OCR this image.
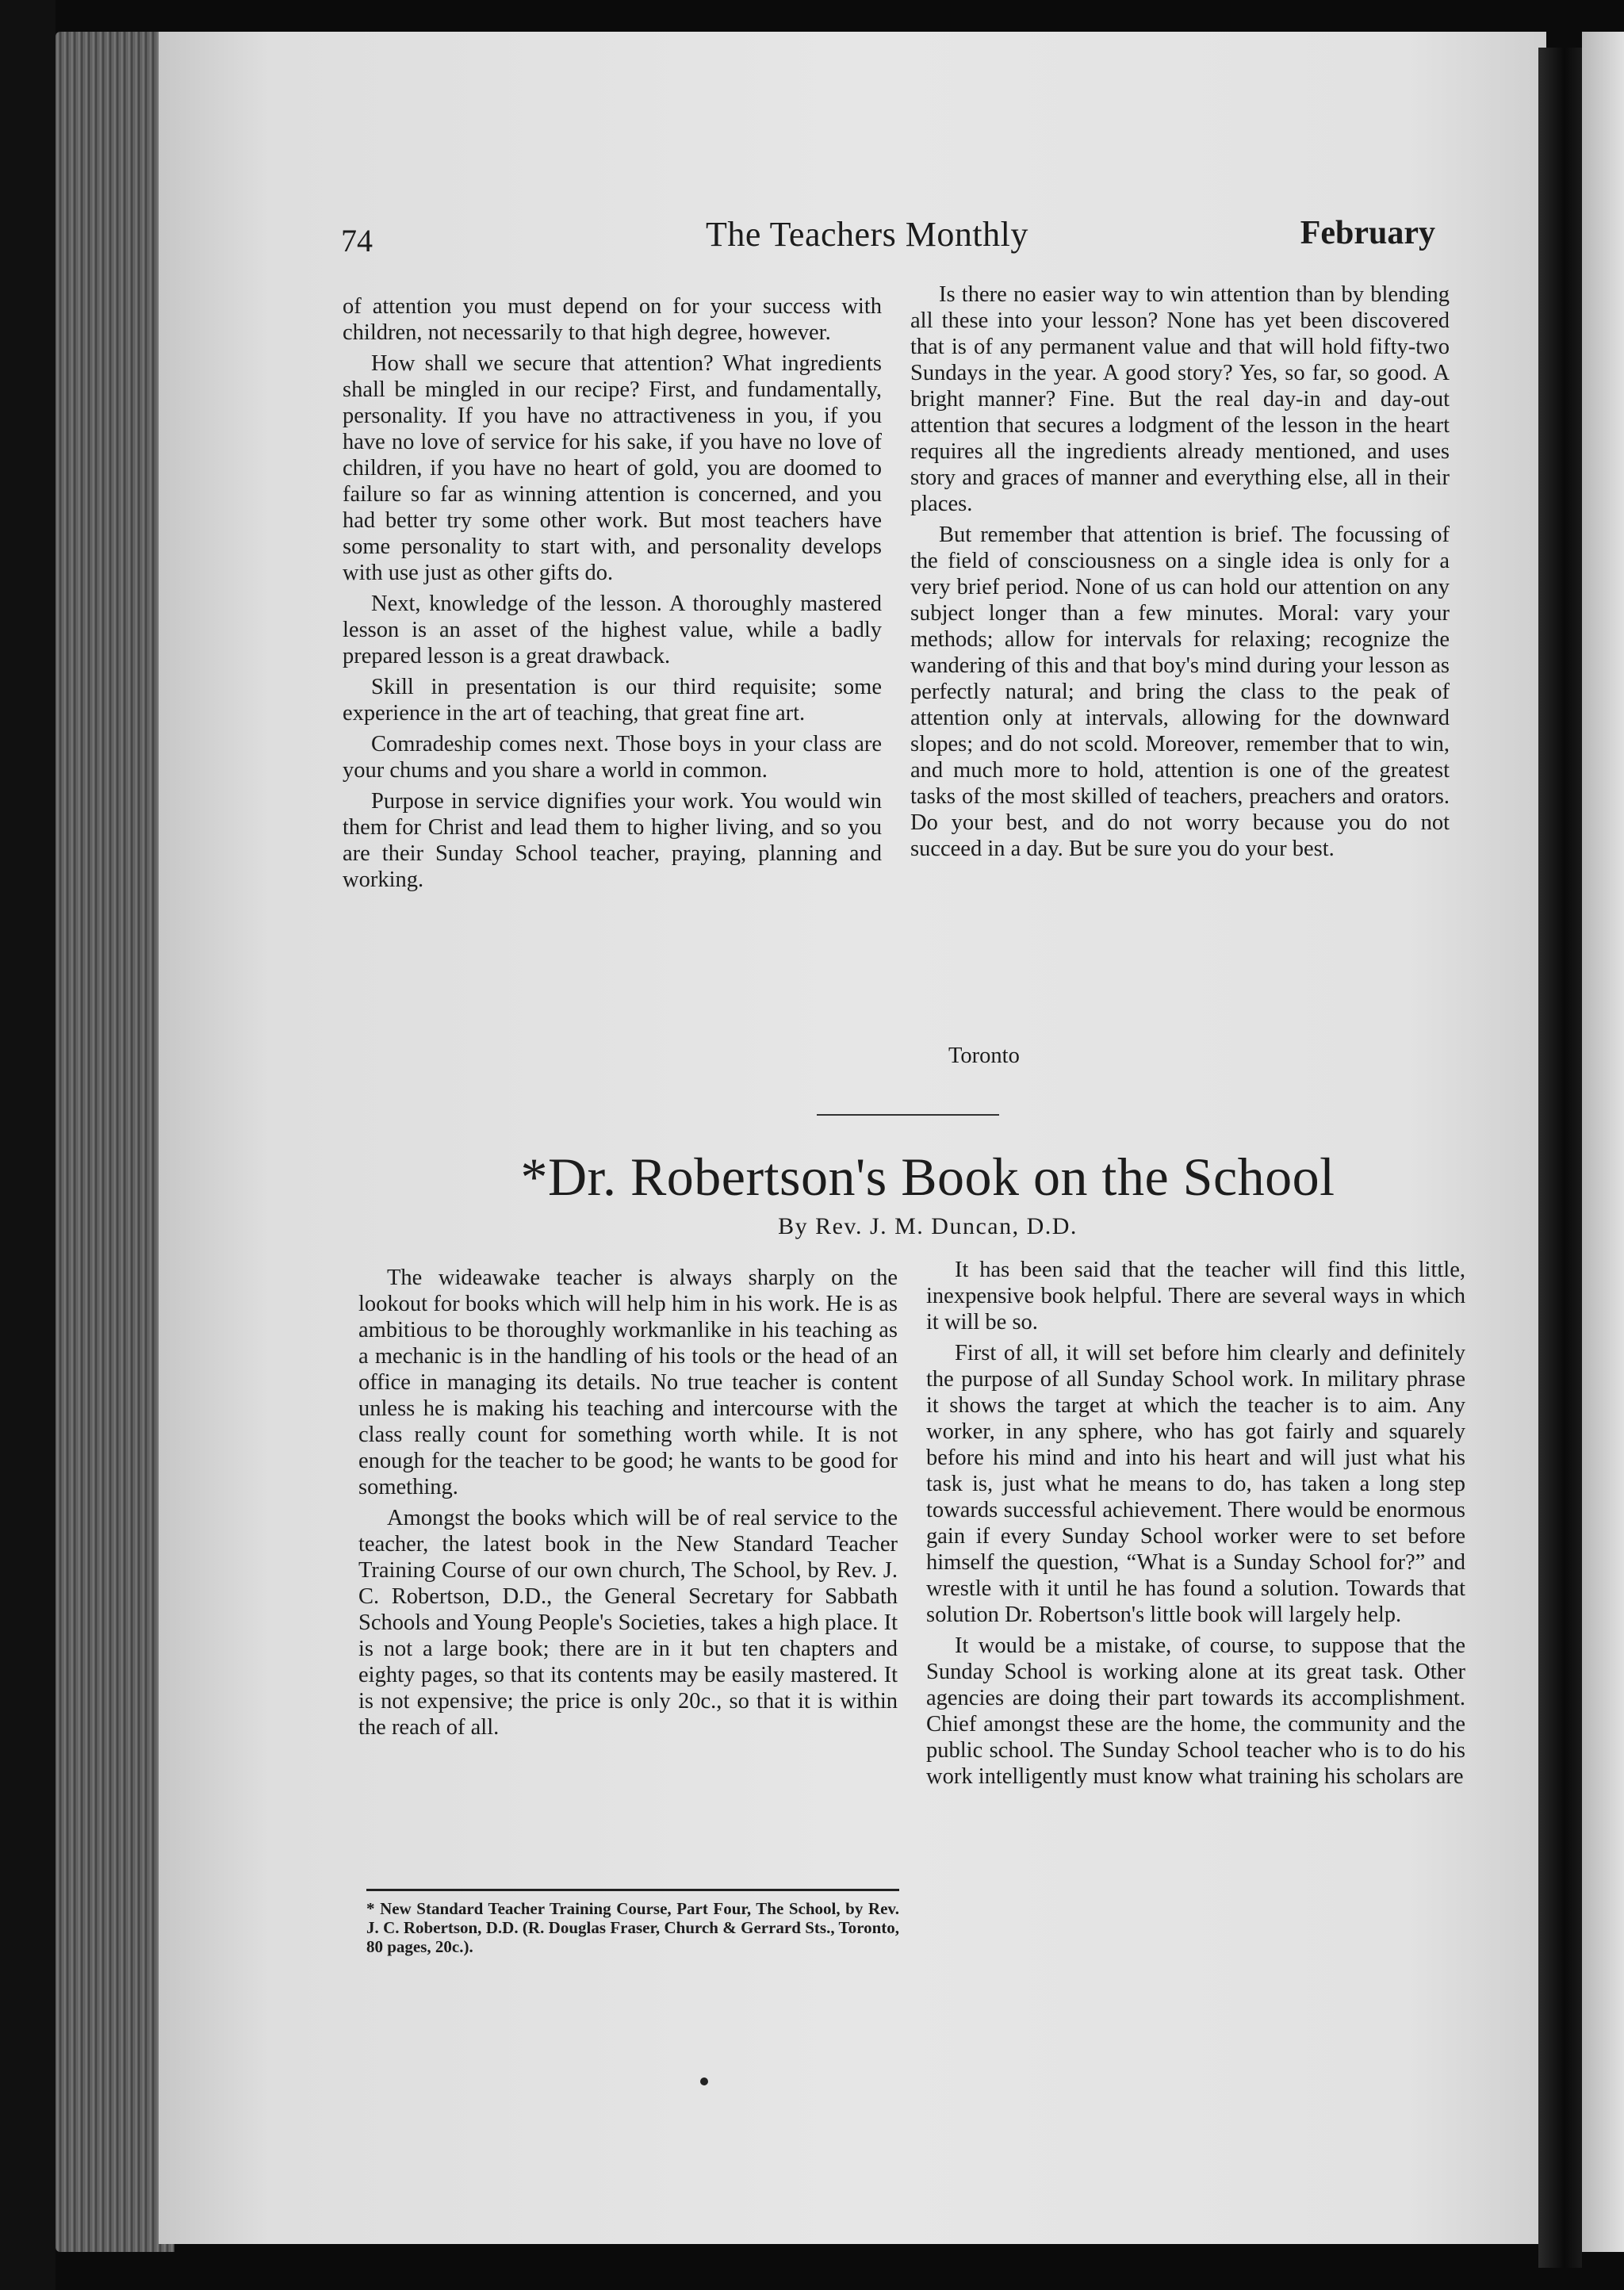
74	The Teachers Monthly	February

of attention you must depend on for your success with children, not necessarily to that high degree, however.

How shall we secure that attention? What ingredients shall be mingled in our recipe? First, and fundamentally, personality. If you have no attractiveness in you, if you have no love of service for his sake, if you have no love of children, if you have no heart of gold, you are doomed to failure so far as winning attention is concerned, and you had better try some other work. But most teachers have some personality to start with, and personality develops with use just as other gifts do.

Next, knowledge of the lesson. A thoroughly mastered lesson is an asset of the highest value, while a badly prepared lesson is a great drawback.

Skill in presentation is our third requisite; some experience in the art of teaching, that great fine art.

Comradeship comes next. Those boys in your class are your chums and you share a world in common.

Purpose in service dignifies your work. You would win them for Christ and lead them to higher living, and so you are their Sunday School teacher, praying, planning and working.

Is there no easier way to win attention than by blending all these into your lesson? None has yet been discovered that is of any permanent value and that will hold fifty-two Sundays in the year. A good story? Yes, so far, so good. A bright manner? Fine. But the real day-in and day-out attention that secures a lodgment of the lesson in the heart requires all the ingredients already mentioned, and uses story and graces of manner and everything else, all in their places.

But remember that attention is brief. The focussing of the field of consciousness on a single idea is only for a very brief period. None of us can hold our attention on any subject longer than a few minutes. Moral: vary your methods; allow for intervals for relaxing; recognize the wandering of this and that boy's mind during your lesson as perfectly natural; and bring the class to the peak of attention only at intervals, allowing for the downward slopes; and do not scold. Moreover, remember that to win, and much more to hold, attention is one of the greatest tasks of the most skilled of teachers, preachers and orators. Do your best, and do not worry because you do not succeed in a day. But be sure you do your best.

Toronto
*Dr. Robertson's Book on the School
By Rev. J. M. Duncan, D.D.

The wideawake teacher is always sharply on the lookout for books which will help him in his work. He is as ambitious to be thoroughly workmanlike in his teaching as a mechanic is in the handling of his tools or the head of an office in managing its details. No true teacher is content unless he is making his teaching and intercourse with the class really count for something worth while. It is not enough for the teacher to be good; he wants to be good for something.

Amongst the books which will be of real service to the teacher, the latest book in the New Standard Teacher Training Course of our own church, The School, by Rev. J. C. Robertson, D.D., the General Secretary for Sabbath Schools and Young People's Societies, takes a high place. It is not a large book; there are in it but ten chapters and eighty pages, so that its contents may be easily mastered. It is not expensive; the price is only 20c., so that it is within the reach of all.

It has been said that the teacher will find this little, inexpensive book helpful. There are several ways in which it will be so.

First of all, it will set before him clearly and definitely the purpose of all Sunday School work. In military phrase it shows the target at which the teacher is to aim. Any worker, in any sphere, who has got fairly and squarely before his mind and into his heart and will just what his task is, just what he means to do, has taken a long step towards successful achievement. There would be enormous gain if every Sunday School worker were to set before himself the question, “What is a Sunday School for?” and wrestle with it until he has found a solution. Towards that solution Dr. Robertson's little book will largely help.

It would be a mistake, of course, to suppose that the Sunday School is working alone at its great task. Other agencies are doing their part towards its accomplishment. Chief amongst these are the home, the community and the public school. The Sunday School teacher who is to do his work intelligently must know what training his scholars are

* New Standard Teacher Training Course, Part Four, The School, by Rev. J. C. Robertson, D.D. (R. Douglas Fraser, Church & Gerrard Sts., Toronto, 80 pages, 20c.).
